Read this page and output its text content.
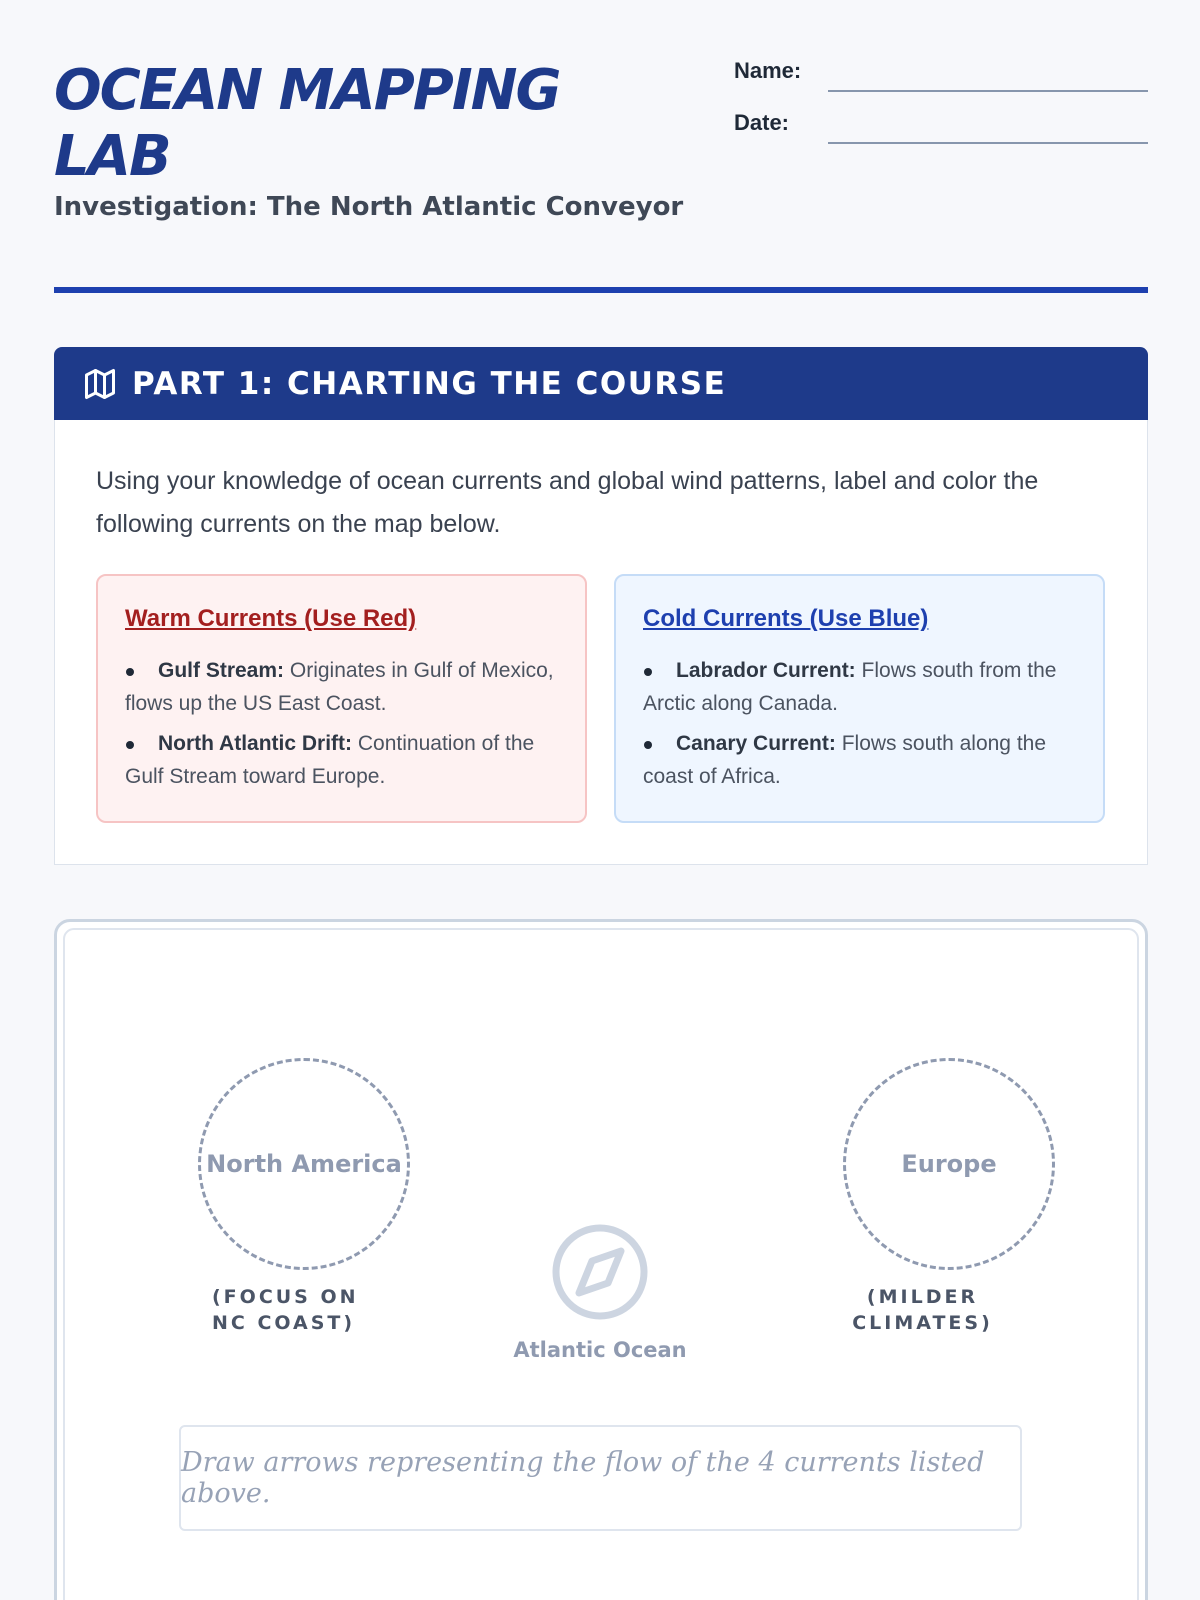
OCEAN MAPPING LAB
Investigation: The North Atlantic Conveyor
Name:
Date:
PART 1: CHARTING THE COURSE

Using your knowledge of ocean currents and global wind patterns, label and color the following currents on the map below.

Warm Currents (Use Red)
Gulf Stream: Originates in Gulf of Mexico, flows up the US East Coast.
North Atlantic Drift: Continuation of the Gulf Stream toward Europe.
Cold Currents (Use Blue)
Labrador Current: Flows south from the Arctic along Canada.
Canary Current: Flows south along the coast of Africa.
North America
(FOCUS ON NC COAST)
Europe
(MILDER CLIMATES)
Atlantic Ocean
Draw arrows representing the flow of the 4 currents listed above.
